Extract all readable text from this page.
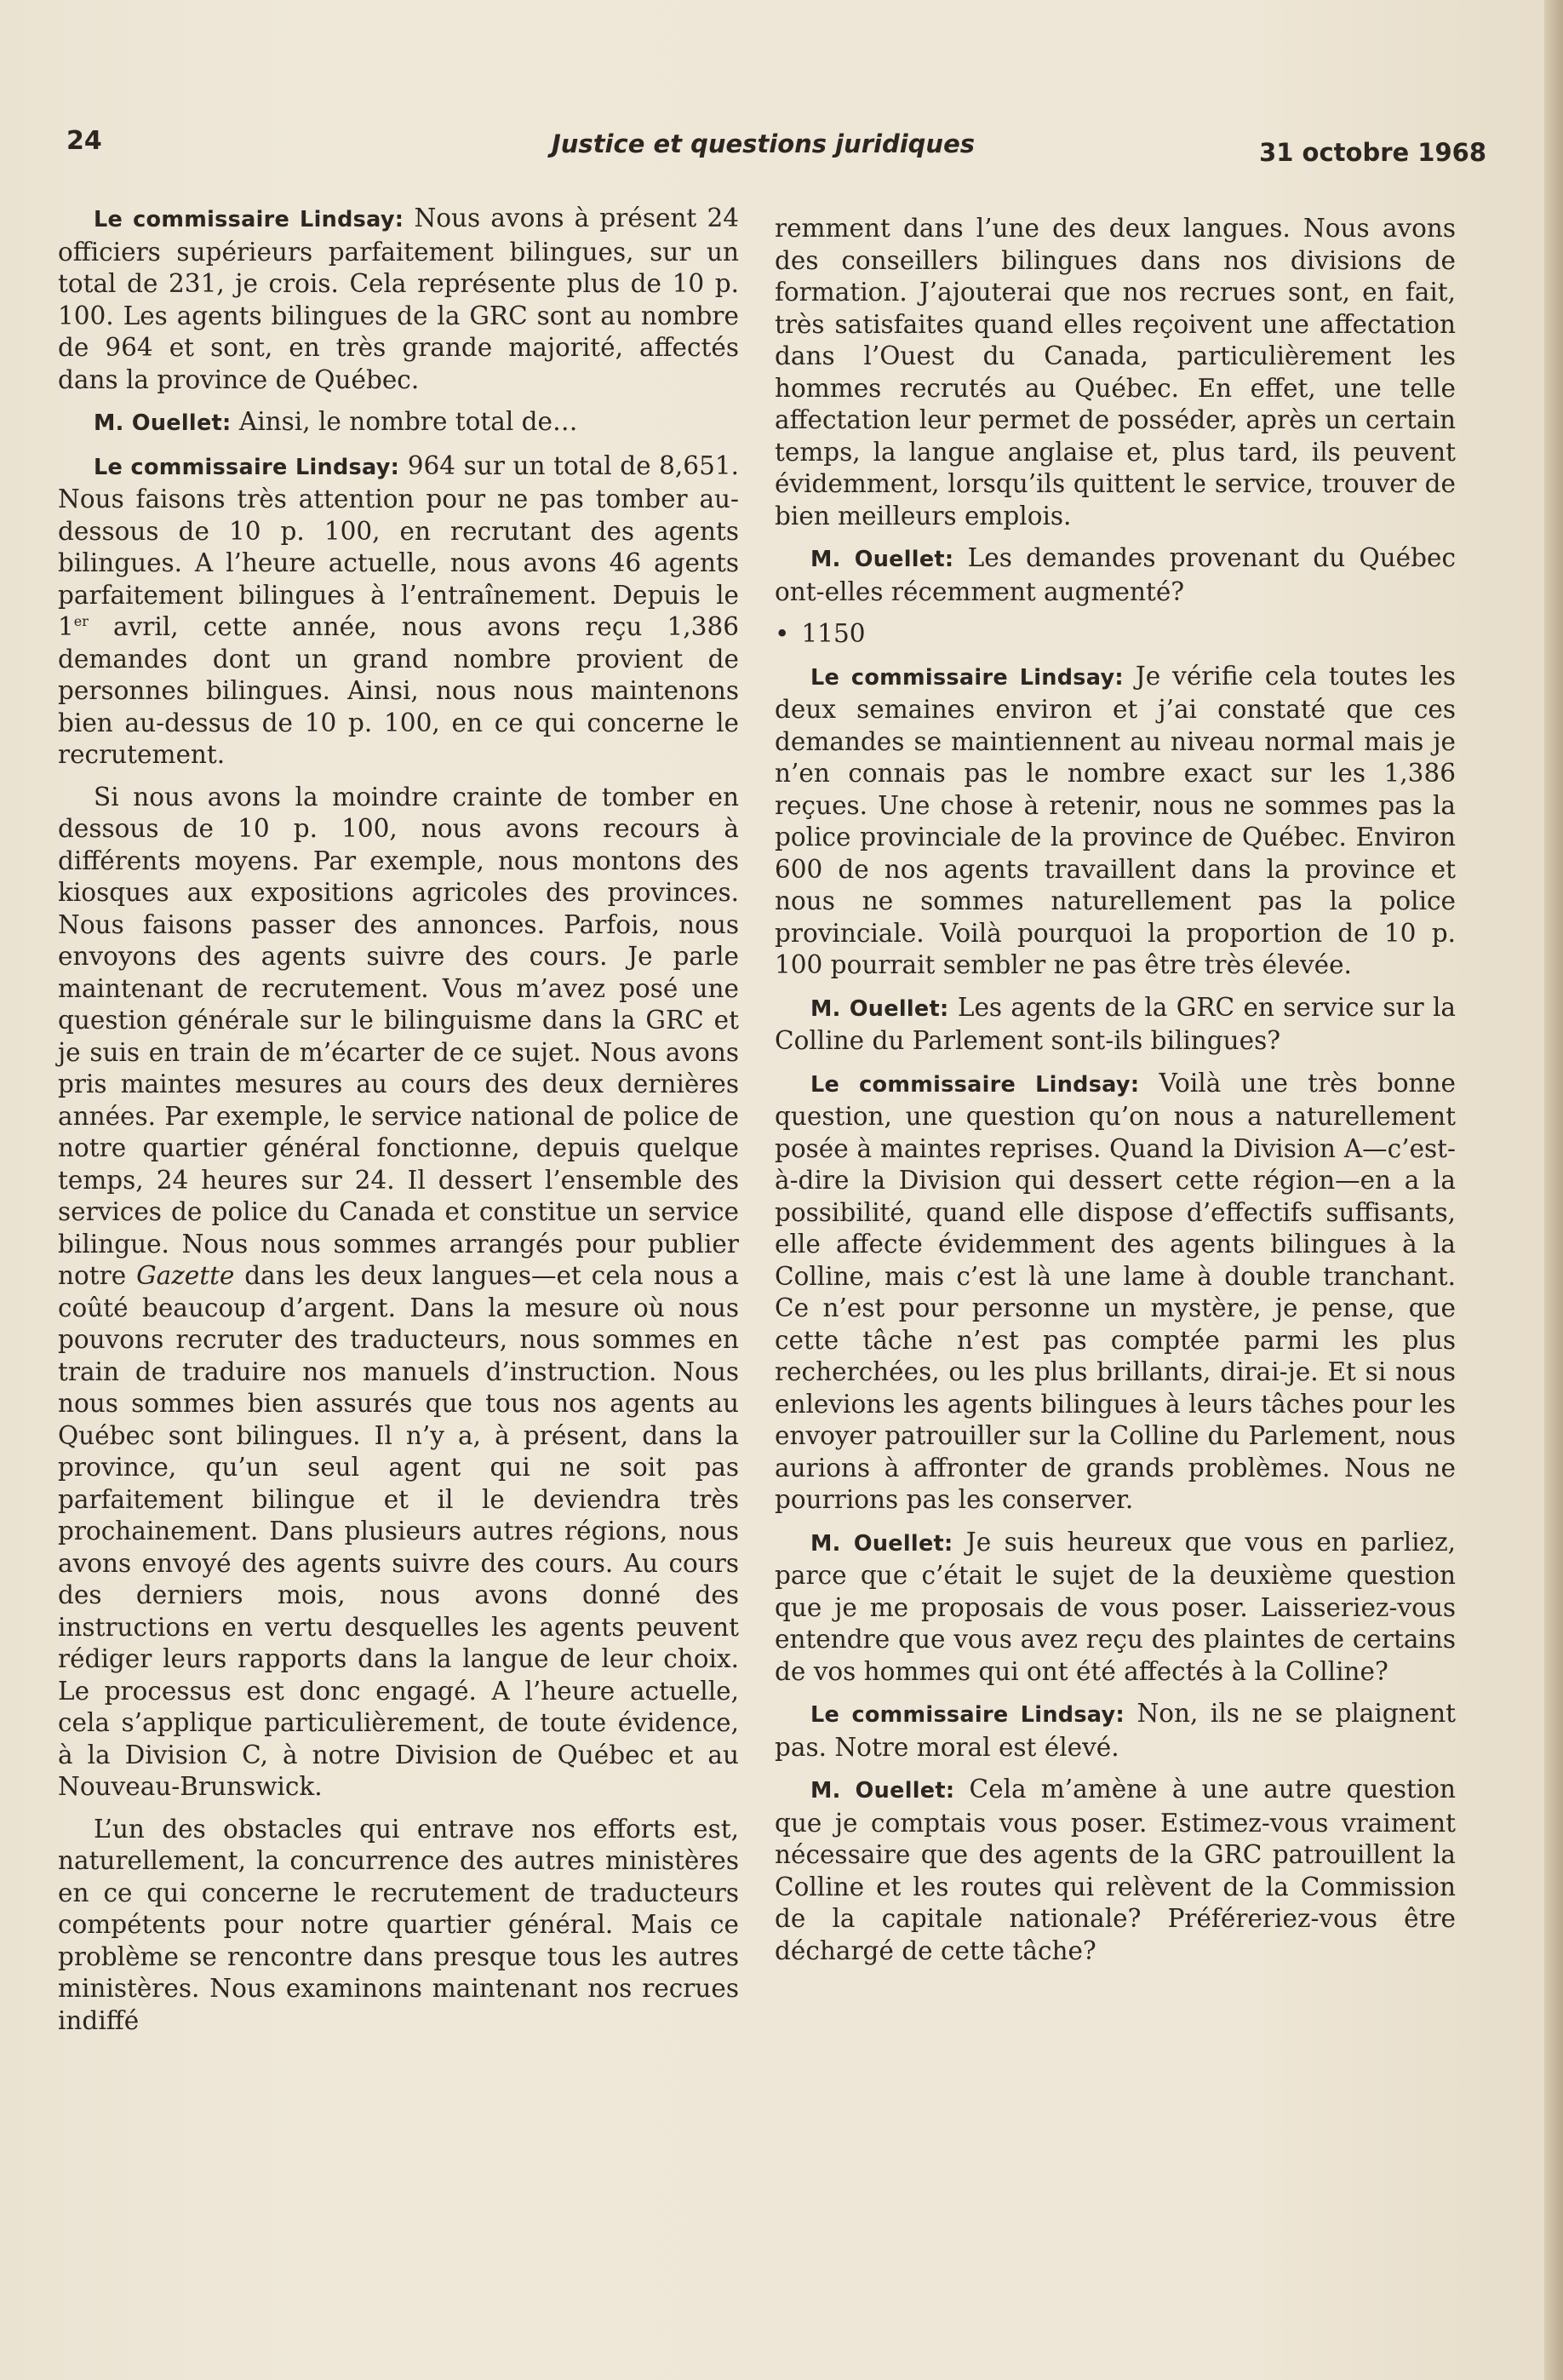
24	Justice et questions juridiques	31 octobre 1968

Le commissaire Lindsay: Nous avons à présent 24 officiers supérieurs parfaitement bilingues, sur un total de 231, je crois. Cela représente plus de 10 p. 100. Les agents bilingues de la GRC sont au nombre de 964 et sont, en très grande majorité, affectés dans la province de Québec.

M. Ouellet: Ainsi, le nombre total de…

Le commissaire Lindsay: 964 sur un total de 8,651. Nous faisons très attention pour ne pas tomber au-dessous de 10 p. 100, en recrutant des agents bilingues. A l’heure actuelle, nous avons 46 agents parfaitement bilingues à l’entraînement. Depuis le 1er avril, cette année, nous avons reçu 1,386 demandes dont un grand nombre provient de personnes bilingues. Ainsi, nous nous maintenons bien au-dessus de 10 p. 100, en ce qui concerne le recrutement.

Si nous avons la moindre crainte de tomber en dessous de 10 p. 100, nous avons recours à différents moyens. Par exemple, nous montons des kiosques aux expositions agricoles des provinces. Nous faisons passer des annonces. Parfois, nous envoyons des agents suivre des cours. Je parle maintenant de recrutement. Vous m’avez posé une question générale sur le bilinguisme dans la GRC et je suis en train de m’écarter de ce sujet. Nous avons pris maintes mesures au cours des deux dernières années. Par exemple, le service national de police de notre quartier général fonctionne, depuis quelque temps, 24 heures sur 24. Il dessert l’ensemble des services de police du Canada et constitue un service bilingue. Nous nous sommes arrangés pour publier notre Gazette dans les deux langues—et cela nous a coûté beaucoup d’argent. Dans la mesure où nous pouvons recruter des traducteurs, nous sommes en train de traduire nos manuels d’instruction. Nous nous sommes bien assurés que tous nos agents au Québec sont bilingues. Il n’y a, à présent, dans la province, qu’un seul agent qui ne soit pas parfaitement bilingue et il le deviendra très prochainement. Dans plusieurs autres régions, nous avons envoyé des agents suivre des cours. Au cours des derniers mois, nous avons donné des instructions en vertu desquelles les agents peuvent rédiger leurs rapports dans la langue de leur choix. Le processus est donc engagé. A l’heure actuelle, cela s’applique particulièrement, de toute évidence, à la Division C, à notre Division de Québec et au Nouveau-Brunswick.

L’un des obstacles qui entrave nos efforts est, naturellement, la concurrence des autres ministères en ce qui concerne le recrutement de traducteurs compétents pour notre quartier général. Mais ce problème se rencontre dans presque tous les autres ministères. Nous examinons maintenant nos recrues indiffé

remment dans l’une des deux langues. Nous avons des conseillers bilingues dans nos divisions de formation. J’ajouterai que nos recrues sont, en fait, très satisfaites quand elles reçoivent une affectation dans l’Ouest du Canada, particulièrement les hommes recrutés au Québec. En effet, une telle affectation leur permet de posséder, après un certain temps, la langue anglaise et, plus tard, ils peuvent évidemment, lorsqu’ils quittent le service, trouver de bien meilleurs emplois.

M. Ouellet: Les demandes provenant du Québec ont-elles récemment augmenté?

• 1150

Le commissaire Lindsay: Je vérifie cela toutes les deux semaines environ et j’ai constaté que ces demandes se maintiennent au niveau normal mais je n’en connais pas le nombre exact sur les 1,386 reçues. Une chose à retenir, nous ne sommes pas la police provinciale de la province de Québec. Environ 600 de nos agents travaillent dans la province et nous ne sommes naturellement pas la police provinciale. Voilà pourquoi la proportion de 10 p. 100 pourrait sembler ne pas être très élevée.

M. Ouellet: Les agents de la GRC en service sur la Colline du Parlement sont-ils bilingues?

Le commissaire Lindsay: Voilà une très bonne question, une question qu’on nous a naturellement posée à maintes reprises. Quand la Division A—c’est-à-dire la Division qui dessert cette région—en a la possibilité, quand elle dispose d’effectifs suffisants, elle affecte évidemment des agents bilingues à la Colline, mais c’est là une lame à double tranchant. Ce n’est pour personne un mystère, je pense, que cette tâche n’est pas comptée parmi les plus recherchées, ou les plus brillants, dirai-je. Et si nous enlevions les agents bilingues à leurs tâches pour les envoyer patrouiller sur la Colline du Parlement, nous aurions à affronter de grands problèmes. Nous ne pourrions pas les conserver.

M. Ouellet: Je suis heureux que vous en parliez, parce que c’était le sujet de la deuxième question que je me proposais de vous poser. Laisseriez-vous entendre que vous avez reçu des plaintes de certains de vos hommes qui ont été affectés à la Colline?

Le commissaire Lindsay: Non, ils ne se plaignent pas. Notre moral est élevé.

M. Ouellet: Cela m’amène à une autre question que je comptais vous poser. Estimez-vous vraiment nécessaire que des agents de la GRC patrouillent la Colline et les routes qui relèvent de la Commission de la capitale nationale? Préféreriez-vous être déchargé de cette tâche?
